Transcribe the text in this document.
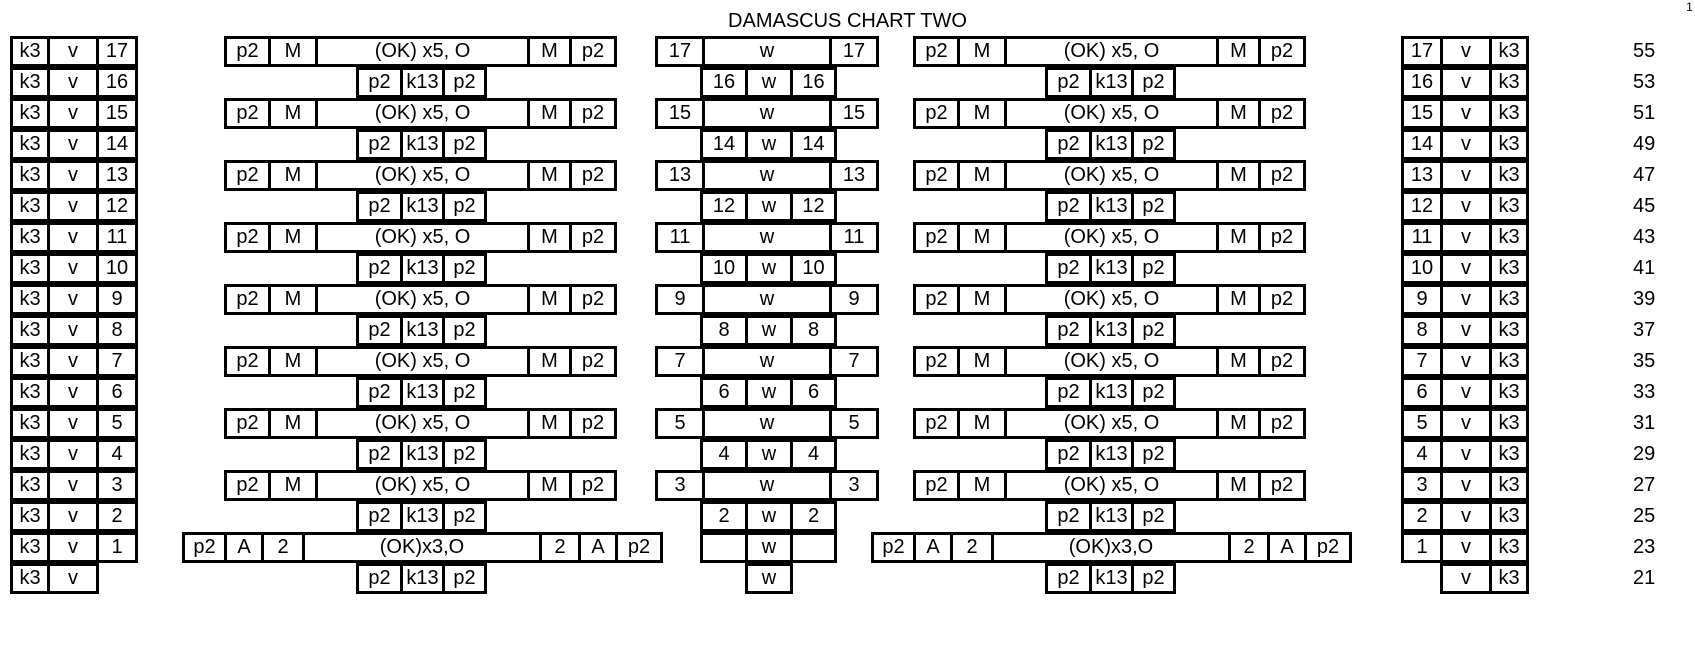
DAMASCUS CHART TWO
1
k3	v	17	p2	M	(OK) x5, O	M	p2	17	w	17	p2	M	(OK) x5, O	M	p2	17	v	k3	55
k3	v	16	p2 k13 p2	16	w	16	p2 k13 p2	16	v	k3	53
k3	v	15	p2	M	(OK) x5, O	M	p2	15	w	15	p2	M	(OK) x5, O	M	p2	15	v	k3	51
k3	v	14	p2 k13 p2	14	w	14	p2 k13 p2	14	v	k3	49
k3	v	13	p2	M	(OK) x5, O	M	p2	13	w	13	p2	M	(OK) x5, O	M	p2	13	v	k3	47
k3	v	12	p2 k13 p2	12	w	12	p2 k13 p2	12	v	k3	45
k3	v	11	p2	M	(OK) x5, O	M	p2	11	w	11	p2	M	(OK) x5, O	M	p2	11	v	k3	43
k3	v	10	p2 k13 p2	10	w	10	p2 k13 p2	10	v	k3	41
k3	v	9	p2	M	(OK) x5, O	M	p2	9	w	9	p2	M	(OK) x5, O	M	p2	9	v	k3	39
k3	v	8	p2 k13 p2	8	w	8	p2 k13 p2	8	v	k3	37
k3	v	7	p2	M	(OK) x5, O	M	p2	7	w	7	p2	M	(OK) x5, O	M	p2	7	v	k3	35
k3	v	6	p2 k13 p2	6	w	6	p2 k13 p2	6	v	k3	33
k3	v	5	p2	M	(OK) x5, O	M	p2	5	w	5	p2	M	(OK) x5, O	M	p2	5	v	k3	31
k3	v	4	p2 k13 p2	4	w	4	p2 k13 p2	4	v	k3	29
k3	v	3	p2	M	(OK) x5, O	M	p2	3	w	3	p2	M	(OK) x5, O	M	p2	3	v	k3	27
k3	v	2	p2 k13 p2	2	w	2	p2 k13 p2	2	v	k3	25
k3	v	1	p2	A	2	(OK)x3,O	2	A	p2	w	p2	A	2	(OK)x3,O	2	A	p2	1	v	k3	23
k3	v	p2 k13 p2	w	p2 k13 p2	v	k3	21
